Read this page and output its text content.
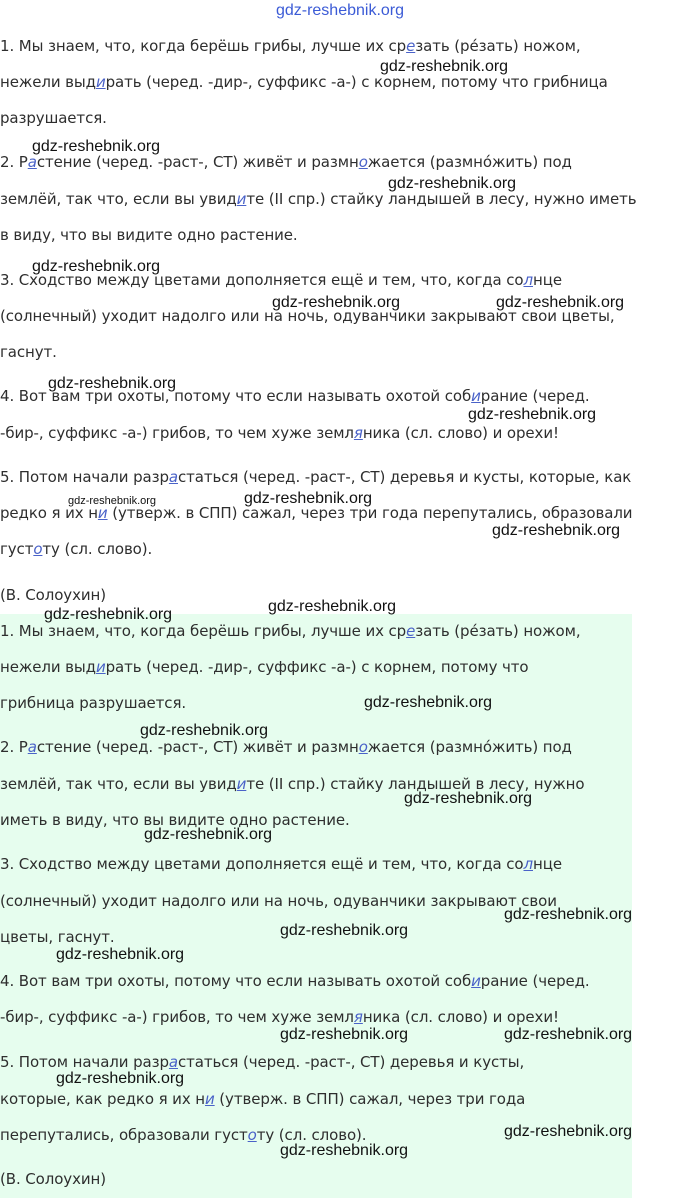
gdz-reshebnik.org
1. Мы знаем, что, когда берёшь грибы, лучше их срезать (ре́зать) ножом,
нежели выдирать (черед. -дир-, суффикс -а-) с корнем, потому что грибница
разрушается.
2. Растение (черед. -раст-, СТ) живёт и размножается (размно́жить) под
землёй, так что, если вы увидите (II спр.) стайку ландышей в лесу, нужно иметь
в виду, что вы видите одно растение.
3. Сходство между цветами дополняется ещё и тем, что, когда солнце
(солнечный) уходит надолго или на ночь, одуванчики закрывают свои цветы,
гаснут.
4. Вот вам три охоты, потому что если называть охотой собирание (черед.
-бир-, суффикс -а-) грибов, то чем хуже земляника (сл. слово) и орехи!
5. Потом начали разрастаться (черед. -раст-, СТ) деревья и кусты, которые, как
редко я их ни (утверж. в СПП) сажал, через три года перепутались, образовали
густоту (сл. слово).
(В. Солоухин)
1. Мы знаем, что, когда берёшь грибы, лучше их срезать (ре́зать) ножом,
нежели выдирать (черед. -дир-, суффикс -а-) с корнем, потому что
грибница разрушается.
2. Растение (черед. -раст-, СТ) живёт и размножается (размно́жить) под
землёй, так что, если вы увидите (II спр.) стайку ландышей в лесу, нужно
иметь в виду, что вы видите одно растение.
3. Сходство между цветами дополняется ещё и тем, что, когда солнце
(солнечный) уходит надолго или на ночь, одуванчики закрывают свои
цветы, гаснут.
4. Вот вам три охоты, потому что если называть охотой собирание (черед.
-бир-, суффикс -а-) грибов, то чем хуже земляника (сл. слово) и орехи!
5. Потом начали разрастаться (черед. -раст-, СТ) деревья и кусты,
которые, как редко я их ни (утверж. в СПП) сажал, через три года
перепутались, образовали густоту (сл. слово).
(В. Солоухин)
gdz-reshebnik.org
gdz-reshebnik.org
gdz-reshebnik.org
gdz-reshebnik.org
gdz-reshebnik.org	gdz-reshebnik.org
gdz-reshebnik.org
gdz-reshebnik.org
gdz-reshebnik.org	gdz-reshebnik.org
gdz-reshebnik.org
gdz-reshebnik.org
gdz-reshebnik.org
gdz-reshebnik.org
gdz-reshebnik.org
gdz-reshebnik.org
gdz-reshebnik.org
gdz-reshebnik.org
gdz-reshebnik.org
gdz-reshebnik.org
gdz-reshebnik.org	gdz-reshebnik.org
gdz-reshebnik.org
gdz-reshebnik.org
gdz-reshebnik.org
